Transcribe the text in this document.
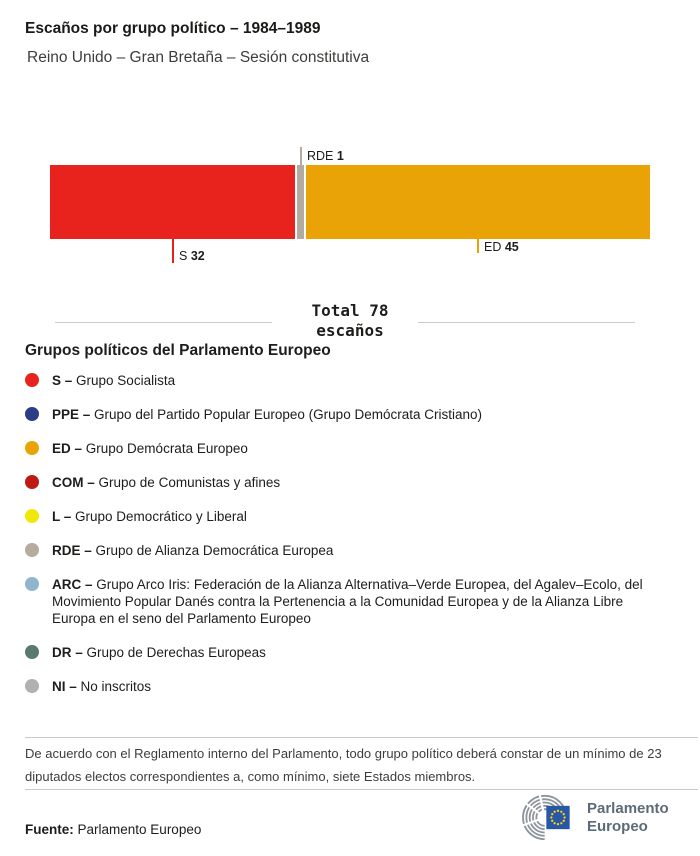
Escaños por grupo político – 1984–1989
Reino Unido – Gran Bretaña – Sesión constitutiva
RDE 1
S 32
ED 45
Total 78
escaños
Grupos políticos del Parlamento Europeo
S – Grupo Socialista
PPE – Grupo del Partido Popular Europeo (Grupo Demócrata Cristiano)
ED – Grupo Demócrata Europeo
COM – Grupo de Comunistas y afines
L – Grupo Democrático y Liberal
RDE – Grupo de Alianza Democrática Europea
ARC – Grupo Arco Iris: Federación de la Alianza Alternativa–Verde Europea, del Agalev–Ecolo, del Movimiento Popular Danés contra la Pertenencia a la Comunidad Europea y de la Alianza Libre Europa en el seno del Parlamento Europeo
DR – Grupo de Derechas Europeas
NI – No inscritos
De acuerdo con el Reglamento interno del Parlamento, todo grupo político deberá constar de un mínimo de 23 diputados electos correspondientes a, como mínimo, siete Estados miembros.
Fuente: Parlamento Europeo
Parlamento
Europeo
